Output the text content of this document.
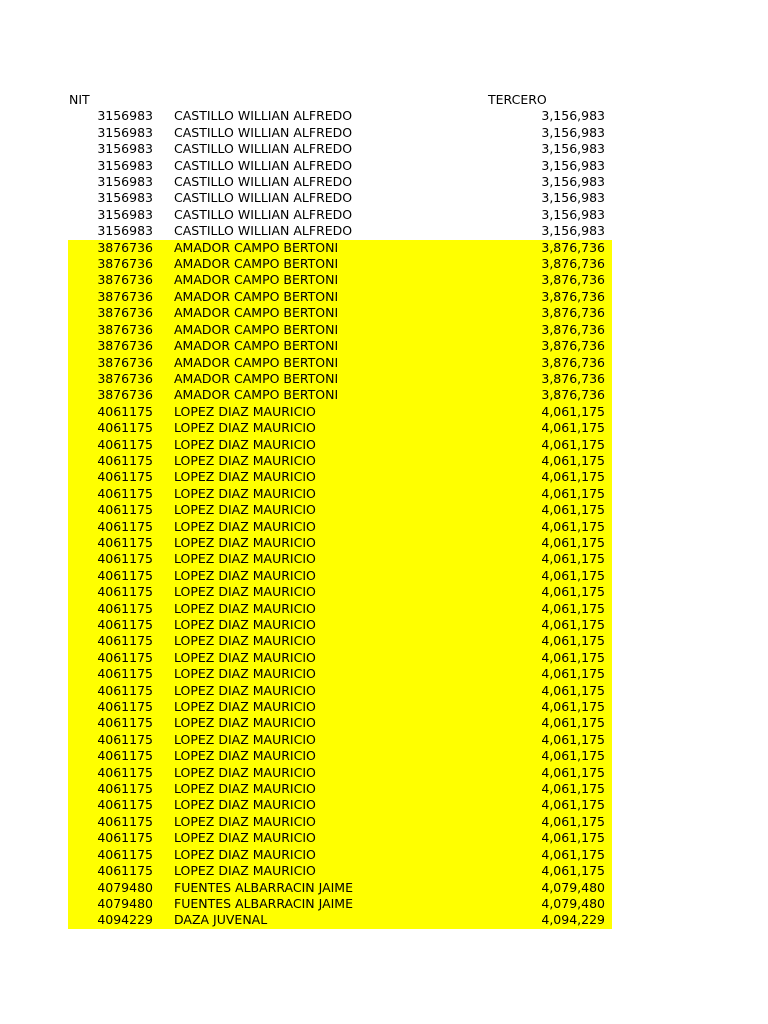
NIT	TERCERO
3156983 CASTILLO WILLIAN ALFREDO	3,156,983
3156983 CASTILLO WILLIAN ALFREDO	3,156,983
3156983 CASTILLO WILLIAN ALFREDO	3,156,983
3156983 CASTILLO WILLIAN ALFREDO	3,156,983
3156983 CASTILLO WILLIAN ALFREDO	3,156,983
3156983 CASTILLO WILLIAN ALFREDO	3,156,983
3156983 CASTILLO WILLIAN ALFREDO	3,156,983
3156983 CASTILLO WILLIAN ALFREDO	3,156,983
3876736 AMADOR CAMPO BERTONI	3,876,736
3876736 AMADOR CAMPO BERTONI	3,876,736
3876736 AMADOR CAMPO BERTONI	3,876,736
3876736 AMADOR CAMPO BERTONI	3,876,736
3876736 AMADOR CAMPO BERTONI	3,876,736
3876736 AMADOR CAMPO BERTONI	3,876,736
3876736 AMADOR CAMPO BERTONI	3,876,736
3876736 AMADOR CAMPO BERTONI	3,876,736
3876736 AMADOR CAMPO BERTONI	3,876,736
3876736 AMADOR CAMPO BERTONI	3,876,736
4061175 LOPEZ DIAZ MAURICIO	4,061,175
4061175 LOPEZ DIAZ MAURICIO	4,061,175
4061175 LOPEZ DIAZ MAURICIO	4,061,175
4061175 LOPEZ DIAZ MAURICIO	4,061,175
4061175 LOPEZ DIAZ MAURICIO	4,061,175
4061175 LOPEZ DIAZ MAURICIO	4,061,175
4061175 LOPEZ DIAZ MAURICIO	4,061,175
4061175 LOPEZ DIAZ MAURICIO	4,061,175
4061175 LOPEZ DIAZ MAURICIO	4,061,175
4061175 LOPEZ DIAZ MAURICIO	4,061,175
4061175 LOPEZ DIAZ MAURICIO	4,061,175
4061175 LOPEZ DIAZ MAURICIO	4,061,175
4061175 LOPEZ DIAZ MAURICIO	4,061,175
4061175 LOPEZ DIAZ MAURICIO	4,061,175
4061175 LOPEZ DIAZ MAURICIO	4,061,175
4061175 LOPEZ DIAZ MAURICIO	4,061,175
4061175 LOPEZ DIAZ MAURICIO	4,061,175
4061175 LOPEZ DIAZ MAURICIO	4,061,175
4061175 LOPEZ DIAZ MAURICIO	4,061,175
4061175 LOPEZ DIAZ MAURICIO	4,061,175
4061175 LOPEZ DIAZ MAURICIO	4,061,175
4061175 LOPEZ DIAZ MAURICIO	4,061,175
4061175 LOPEZ DIAZ MAURICIO	4,061,175
4061175 LOPEZ DIAZ MAURICIO	4,061,175
4061175 LOPEZ DIAZ MAURICIO	4,061,175
4061175 LOPEZ DIAZ MAURICIO	4,061,175
4061175 LOPEZ DIAZ MAURICIO	4,061,175
4061175 LOPEZ DIAZ MAURICIO	4,061,175
4061175 LOPEZ DIAZ MAURICIO	4,061,175
4079480 FUENTES ALBARRACIN JAIME	4,079,480
4079480 FUENTES ALBARRACIN JAIME	4,079,480
4094229 DAZA JUVENAL	4,094,229
